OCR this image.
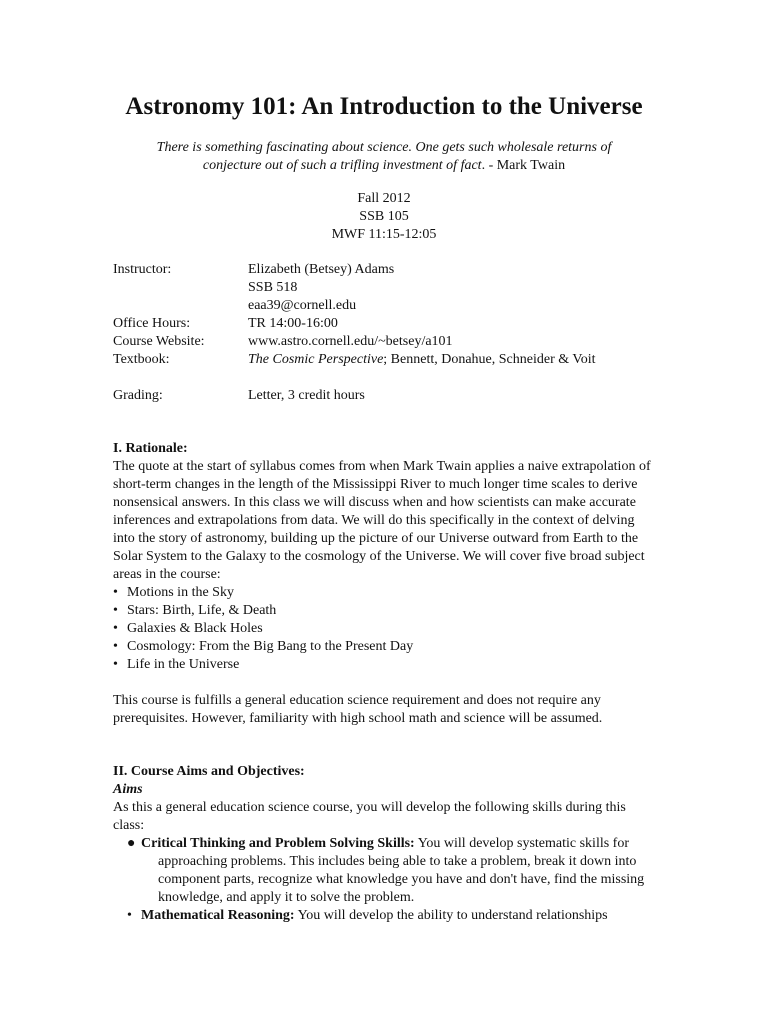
Astronomy 101: An Introduction to the Universe
There is something fascinating about science. One gets such wholesale returns of
conjecture out of such a trifling investment of fact. - Mark Twain
Fall 2012
SSB 105
MWF 11:15-12:05
Instructor:	Elizabeth (Betsey) Adams
SSB 518
eaa39@cornell.edu
Office Hours:	TR 14:00-16:00
Course Website:	www.astro.cornell.edu/~betsey/a101
Textbook:	The Cosmic Perspective; Bennett, Donahue, Schneider & Voit
Grading:	Letter, 3 credit hours
I. Rationale:

The quote at the start of syllabus comes from when Mark Twain applies a naive extrapolation of short-term changes in the length of the Mississippi River to much longer time scales to derive nonsensical answers. In this class we will discuss when and how scientists can make accurate inferences and extrapolations from data. We will do this specifically in the context of delving into the story of astronomy, building up the picture of our Universe outward from Earth to the Solar System to the Galaxy to the cosmology of the Universe. We will cover five broad subject areas in the course:

• Motions in the Sky
• Stars: Birth, Life, & Death
• Galaxies & Black Holes
• Cosmology: From the Big Bang to the Present Day
• Life in the Universe

This course is fulfills a general education science requirement and does not require any prerequisites. However, familiarity with high school math and science will be assumed.

II. Course Aims and Objectives:
Aims

As this a general education science course, you will develop the following skills during this class:

● Critical Thinking and Problem Solving Skills: You will develop systematic skills for approaching problems. This includes being able to take a problem, break it down into component parts, recognize what knowledge you have and don't have, find the missing knowledge, and apply it to solve the problem.
• Mathematical Reasoning: You will develop the ability to understand relationships
